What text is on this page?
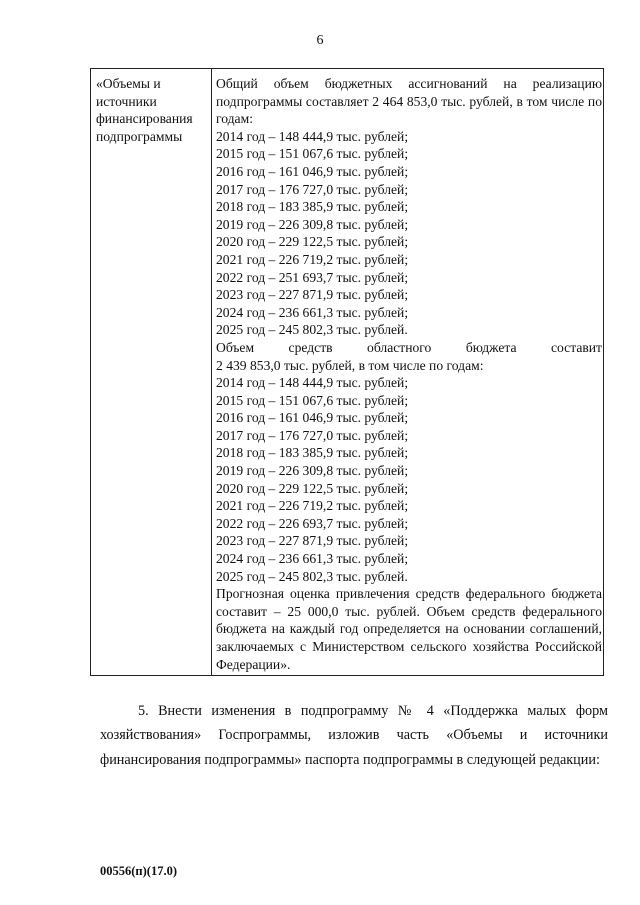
6
«Объемы и источники финансирования подпрограммы

Общий объем бюджетных ассигнований на реализацию подпрограммы составляет 2 464 853,0 тыс. рублей, в том числе по годам:

2014 год – 148 444,9 тыс. рублей;

2015 год – 151 067,6 тыс. рублей;

2016 год – 161 046,9 тыс. рублей;

2017 год – 176 727,0 тыс. рублей;

2018 год – 183 385,9 тыс. рублей;

2019 год – 226 309,8 тыс. рублей;

2020 год – 229 122,5 тыс. рублей;

2021 год – 226 719,2 тыс. рублей;

2022 год – 251 693,7 тыс. рублей;

2023 год – 227 871,9 тыс. рублей;

2024 год – 236 661,3 тыс. рублей;

2025 год – 245 802,3 тыс. рублей.

Объем средств областного бюджета составит

2 439 853,0 тыс. рублей, в том числе по годам:

2014 год – 148 444,9 тыс. рублей;

2015 год – 151 067,6 тыс. рублей;

2016 год – 161 046,9 тыс. рублей;

2017 год – 176 727,0 тыс. рублей;

2018 год – 183 385,9 тыс. рублей;

2019 год – 226 309,8 тыс. рублей;

2020 год – 229 122,5 тыс. рублей;

2021 год – 226 719,2 тыс. рублей;

2022 год – 226 693,7 тыс. рублей;

2023 год – 227 871,9 тыс. рублей;

2024 год – 236 661,3 тыс. рублей;

2025 год – 245 802,3 тыс. рублей.

Прогнозная оценка привлечения средств федерального бюджета составит – 25 000,0 тыс. рублей. Объем средств федерального бюджета на каждый год определяется на основании соглашений, заключаемых с Министерством сельского хозяйства Российской Федерации».

5. Внести изменения в подпрограмму № 4 «Поддержка малых форм хозяйствования» Госпрограммы, изложив часть «Объемы и источники финансирования подпрограммы» паспорта подпрограммы в следующей редакции:

00556(п)(17.0)
